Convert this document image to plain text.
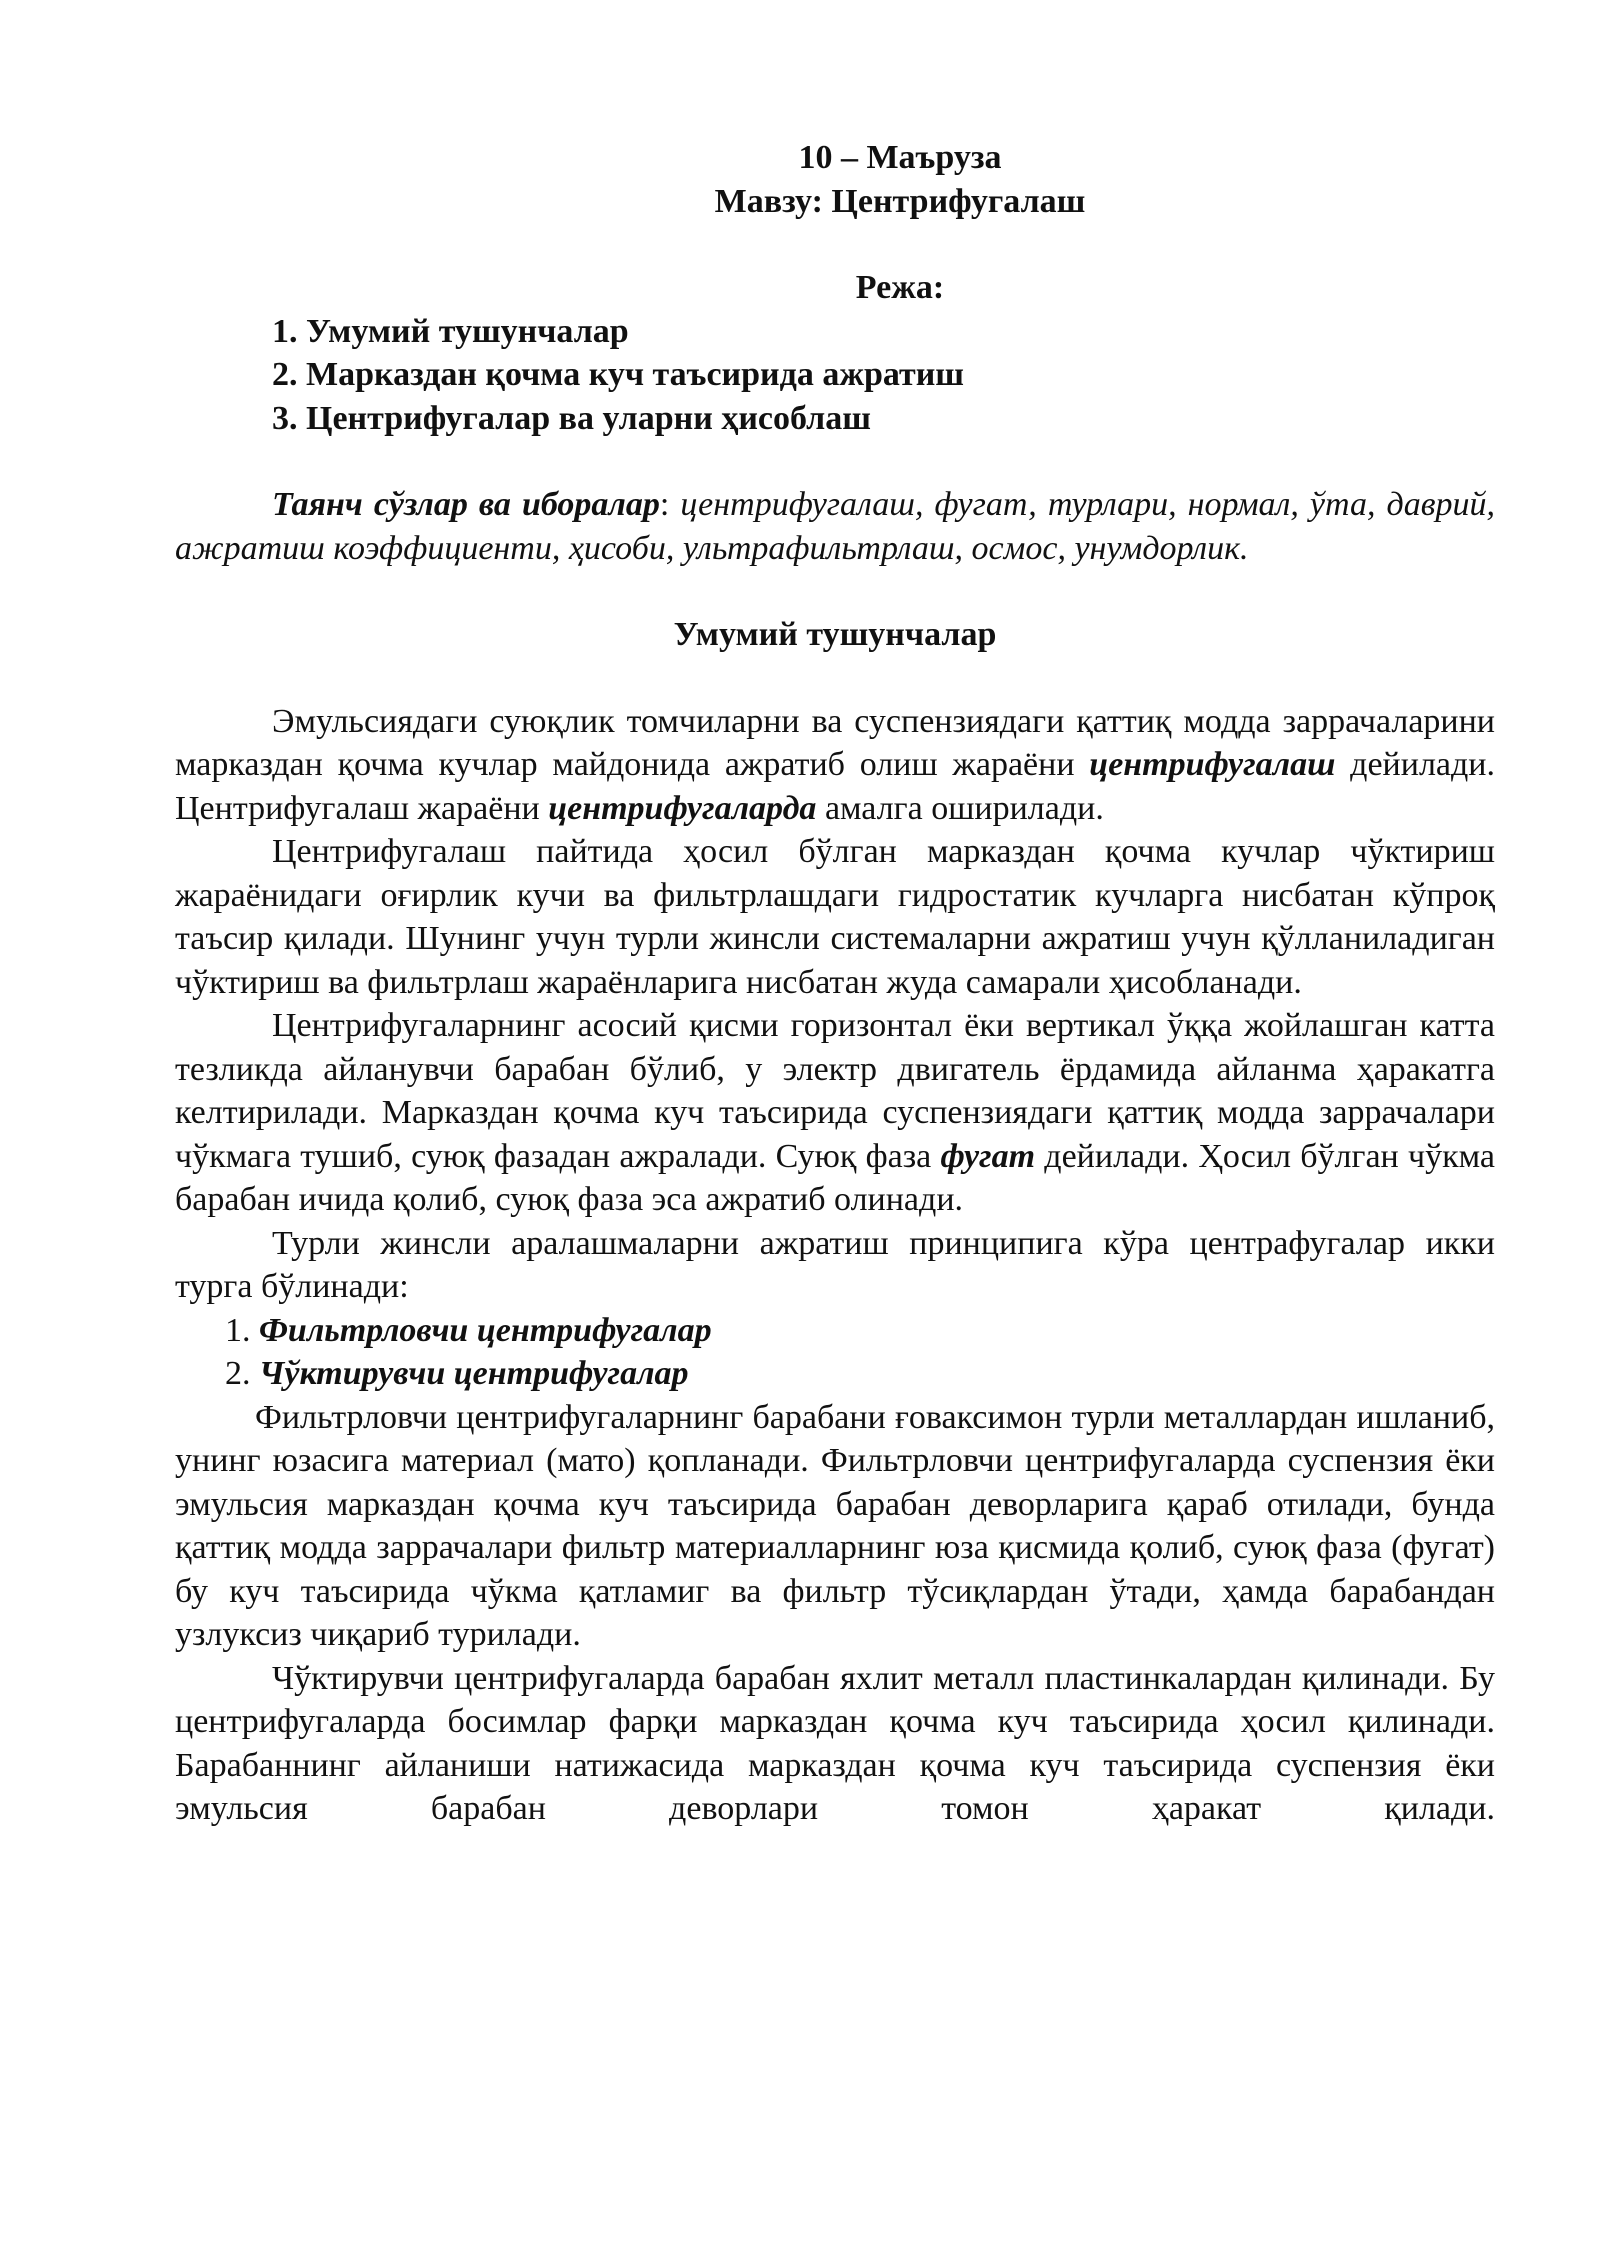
10 – Маъруза
Мавзу: Центрифугалаш
Режа:
1. Умумий тушунчалар
2. Марказдан қочма куч таъсирида ажратиш
3. Центрифугалар ва уларни ҳисоблаш
Таянч сўзлар ва иборалар: центрифугалаш, фугат, турлари, нормал, ўта, даврий, ажратиш коэффициенти, ҳисоби, ультрафильтрлаш, осмос, унумдорлик.
Умумий тушунчалар

Эмульсиядаги суюқлик томчиларни ва суспензиядаги қаттиқ модда заррачаларини марказдан қочма кучлар майдонида ажратиб олиш жараёни центрифугалаш дейилади. Центрифугалаш жараёни центрифугаларда амалга оширилади.

Центрифугалаш пайтида ҳосил бўлган марказдан қочма кучлар чўктириш жараёнидаги оғирлик кучи ва фильтрлашдаги гидростатик кучларга нисбатан кўпроқ таъсир қилади. Шунинг учун турли жинсли системаларни ажратиш учун қўлланиладиган чўктириш ва фильтрлаш жараёнларига нисбатан жуда самарали ҳисобланади.

Центрифугаларнинг асосий қисми горизонтал ёки вертикал ўққа жойлашган катта тезликда айланувчи барабан бўлиб, у электр двигатель ёрдамида айланма ҳаракатга келтирилади. Марказдан қочма куч таъсирида суспензиядаги қаттиқ модда заррачалари чўкмага тушиб, суюқ фазадан ажралади. Суюқ фаза фугат дейилади. Ҳосил бўлган чўкма барабан ичида қолиб, суюқ фаза эса ажратиб олинади.

Турли жинсли аралашмаларни ажратиш принципига кўра центрафугалар икки турга бўлинади:

1. Фильтрловчи центрифугалар
2. Чўктирувчи центрифугалар

Фильтрловчи центрифугаларнинг барабани ғоваксимон турли металлардан ишланиб, унинг юзасига материал (мато) қопланади. Фильтрловчи центрифугаларда суспензия ёки эмульсия марказдан қочма куч таъсирида барабан деворларига қараб отилади, бунда қаттиқ модда заррачалари фильтр материалларнинг юза қисмида қолиб, суюқ фаза (фугат) бу куч таъсирида чўкма қатламиг ва фильтр тўсиқлардан ўтади, ҳамда барабандан узлуксиз чиқариб турилади.

Чўктирувчи центрифугаларда барабан яхлит металл пластинкалардан қилинади. Бу центрифугаларда босимлар фарқи марказдан қочма куч таъсирида ҳосил қилинади. Барабаннинг айланиши натижасида марказдан қочма куч таъсирида суспензия ёки эмульсия барабан деворлари томон ҳаракат қилади.
